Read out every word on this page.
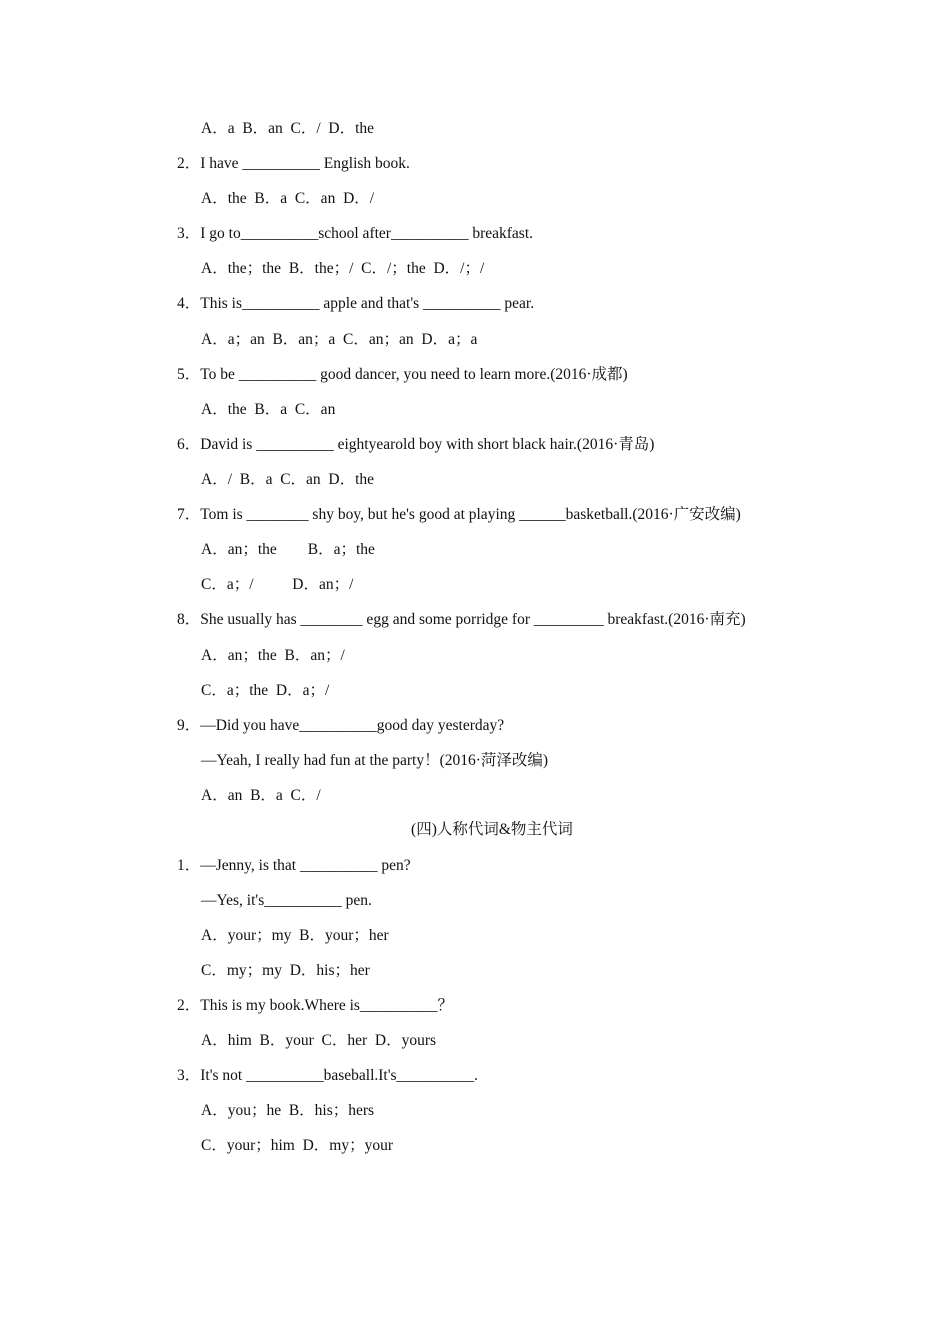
A．a  B．an  C．/  D．the
2．I have __________ English book.
A．the  B．a  C．an  D．/
3．I go to__________school after__________ breakfast.
A．the；the  B．the；/  C．/；the  D．/；/
4．This is__________ apple and that's __________ pear.
A．a；an  B．an；a  C．an；an  D．a；a
5．To be __________ good dancer, you need to learn more.(2016·成都)
A．the  B．a  C．an
6．David is __________ eightyearold boy with short black hair.(2016·青岛)
A．/  B．a  C．an  D．the
7．Tom is ________ shy boy, but he's good at playing ______basketball.(2016·广安改编)
A．an；the        B．a；the
C．a；/          D．an；/
8．She usually has ________ egg and some porridge for _________ breakfast.(2016·南充)
A．an；the  B．an；/
C．a；the  D．a；/
9．—Did you have__________good day yesterday?
—Yeah, I really had fun at the party！(2016·菏泽改编)
A．an  B．a  C．/
(四)人称代词&物主代词
1．—Jenny, is that __________ pen?
—Yes, it's__________ pen.
A．your；my  B．your；her
C．my；my  D．his；her
2．This is my book.Where is__________？
A．him  B．your  C．her  D．yours
3．It's not __________baseball.It's__________.
A．you；he  B．his；hers
C．your；him  D．my；your
